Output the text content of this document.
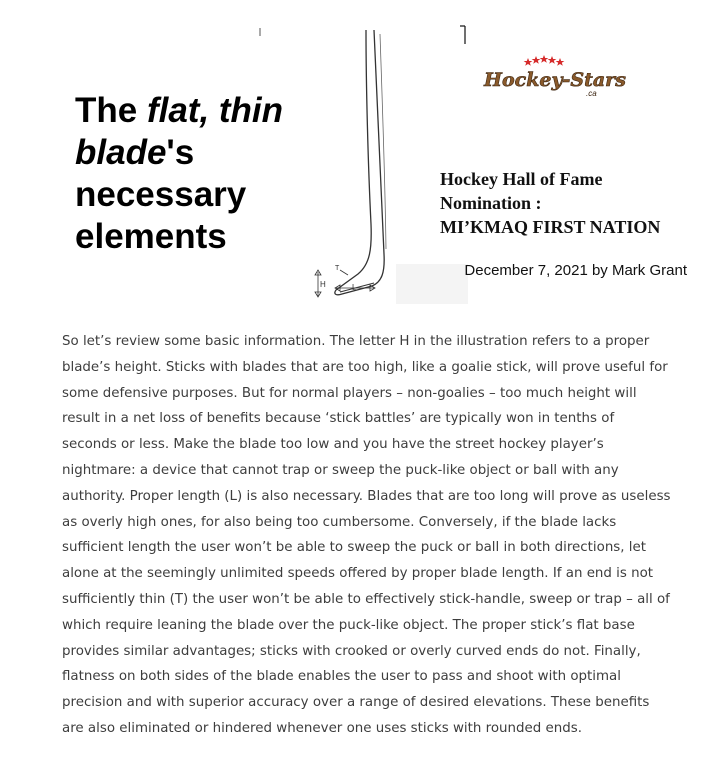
The flat, thin blade's necessary elements
T
H	L
Hockey-Stars
.ca
Hockey Hall of Fame
Nomination :
MI’KMAQ FIRST NATION
December 7, 2021 by Mark Grant

So let’s review some basic information. The letter H in the illustration refers to a proper blade’s height. Sticks with blades that are too high, like a goalie stick, will prove useful for some defensive purposes. But for normal players – non-goalies – too much height will result in a net loss of benefits because ‘stick battles’ are typically won in tenths of seconds or less. Make the blade too low and you have the street hockey player’s nightmare: a device that cannot trap or sweep the puck-like object or ball with any authority. Proper length (L) is also necessary. Blades that are too long will prove as useless as overly high ones, for also being too cumbersome. Conversely, if the blade lacks sufficient length the user won’t be able to sweep the puck or ball in both directions, let alone at the seemingly unlimited speeds offered by proper blade length. If an end is not sufficiently thin (T) the user won’t be able to effectively stick-handle, sweep or trap – all of which require leaning the blade over the puck-like object. The proper stick’s flat base provides similar advantages; sticks with crooked or overly curved ends do not. Finally, flatness on both sides of the blade enables the user to pass and shoot with optimal precision and with superior accuracy over a range of desired elevations. These benefits are also eliminated or hindered whenever one uses sticks with rounded ends.
